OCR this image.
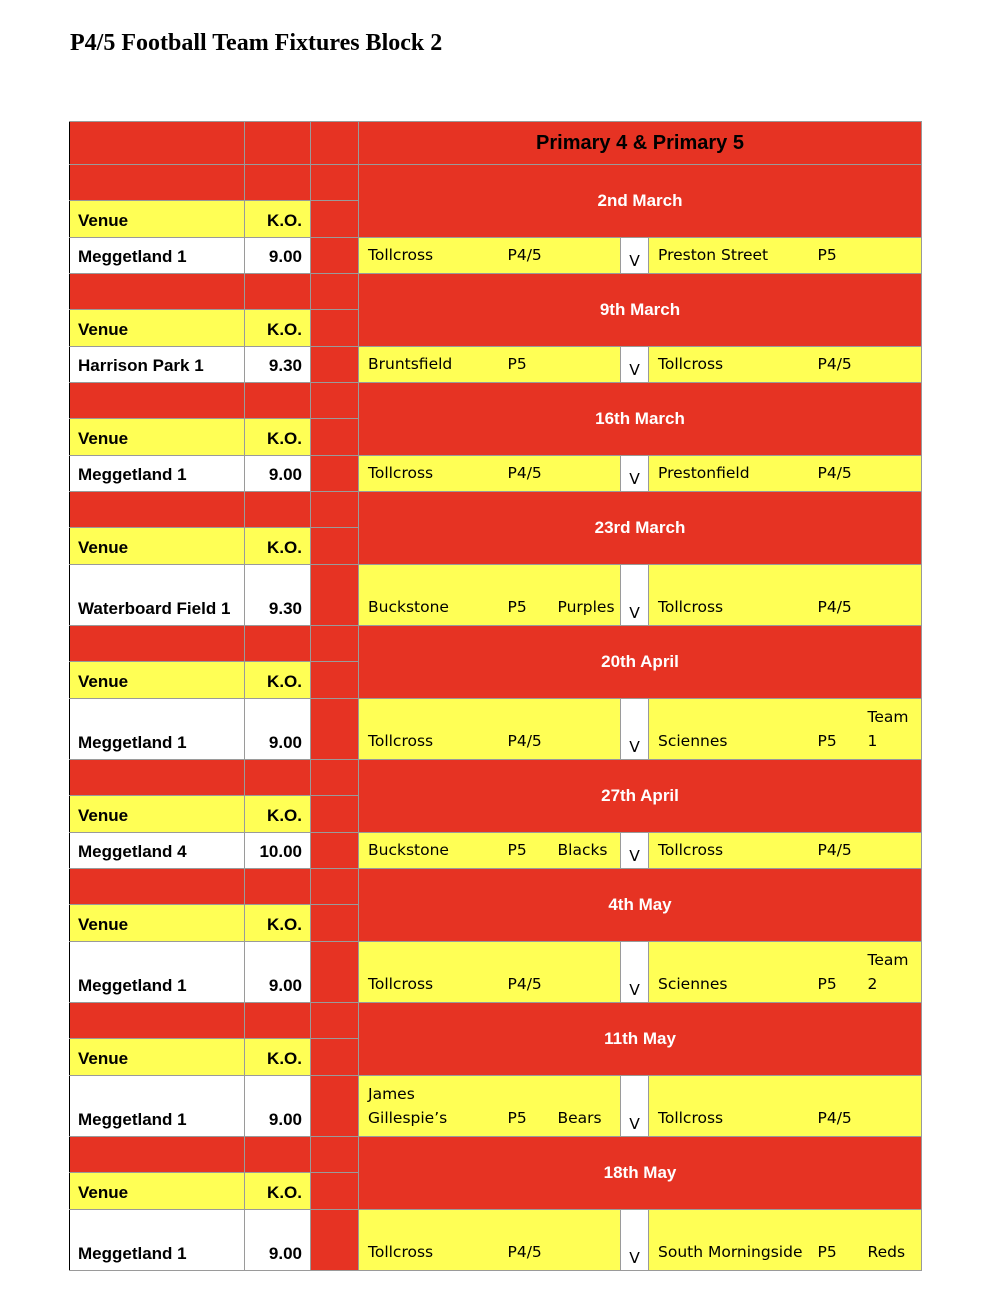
P4/5 Football Team Fixtures Block 2
			Primary 4 & Primary 5						
			2nd March						
Venue	K.O.								
Meggetland 1	9.00		Tollcross	P4/5		V	Preston Street	P5	
			9th March						
Venue	K.O.								
Harrison Park 1	9.30		Bruntsfield	P5		V	Tollcross	P4/5	
			16th March						
Venue	K.O.								
Meggetland 1	9.00		Tollcross	P4/5		V	Prestonfield	P4/5	
			23rd March						
Venue	K.O.								
Waterboard Field 1	9.30		Buckstone	P5	Purples	V	Tollcross	P4/5	
			20th April						
Venue	K.O.								
Meggetland 1	9.00		Tollcross	P4/5		V	Sciennes	P5	Team 1
			27th April						
Venue	K.O.								
Meggetland 4	10.00		Buckstone	P5	Blacks	V	Tollcross	P4/5	
			4th May						
Venue	K.O.								
Meggetland 1	9.00		Tollcross	P4/5		V	Sciennes	P5	Team 2
			11th May						
Venue	K.O.								
Meggetland 1	9.00		James Gillespie’s	P5	Bears	V	Tollcross	P4/5	
			18th May						
Venue	K.O.								
Meggetland 1	9.00		Tollcross	P4/5		V	South Morningside	P5	Reds
